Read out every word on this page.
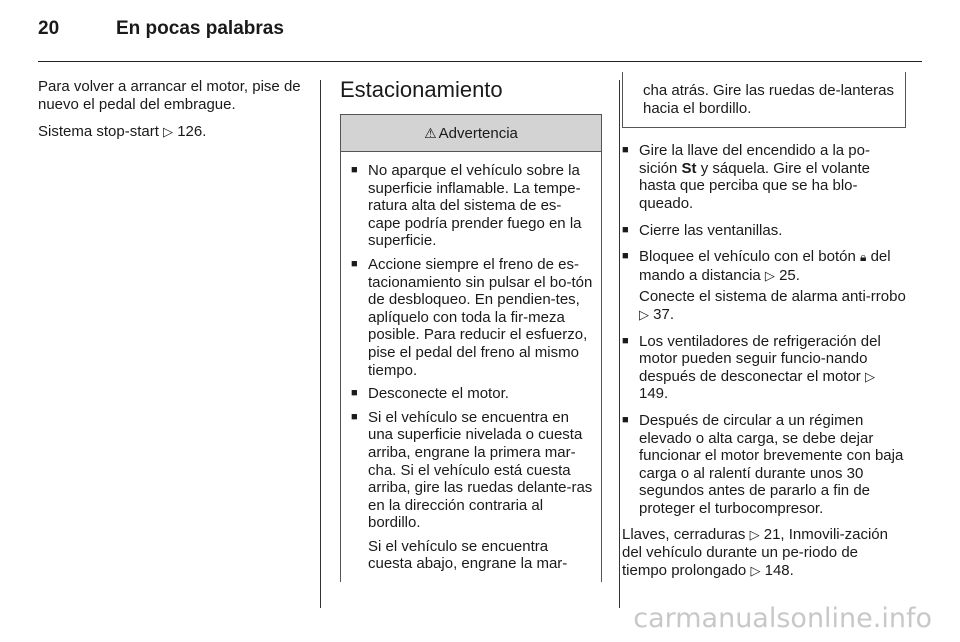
20	En pocas palabras

Para volver a arrancar el motor, pise de nuevo el pedal del embrague.

Sistema stop-start ▷ 126.

Estacionamiento
⚠ Advertencia
■ No aparque el vehículo sobre la superficie inflamable. La tempe-ratura alta del sistema de es-cape podría prender fuego en la superficie.
■ Accione siempre el freno de es-tacionamiento sin pulsar el bo-tón de desbloqueo. En pendien-tes, aplíquelo con toda la fir-meza posible. Para reducir el esfuerzo, pise el pedal del freno al mismo tiempo.
■ Desconecte el motor.
■ Si el vehículo se encuentra en una superficie nivelada o cuesta arriba, engrane la primera mar-cha. Si el vehículo está cuesta arriba, gire las ruedas delante-ras en la dirección contraria al bordillo.
Si el vehículo se encuentra cuesta abajo, engrane la mar-
cha atrás. Gire las ruedas de-lanteras hacia el bordillo.
■ Gire la llave del encendido a la po-sición St y sáquela. Gire el volante hasta que perciba que se ha blo-queado.
■ Cierre las ventanillas.
■ Bloquee el vehículo con el botón 🔒︎ del mando a distancia ▷ 25.
Conecte el sistema de alarma anti-rrobo ▷ 37.
■ Los ventiladores de refrigeración del motor pueden seguir funcio-nando después de desconectar el motor ▷ 149.
■ Después de circular a un régimen elevado o alta carga, se debe dejar funcionar el motor brevemente con baja carga o al ralentí durante unos 30 segundos antes de pararlo a fin de proteger el turbocompresor.

Llaves, cerraduras ▷ 21, Inmovili-zación del vehículo durante un pe-riodo de tiempo prolongado ▷ 148.

carmanualsonline.info
